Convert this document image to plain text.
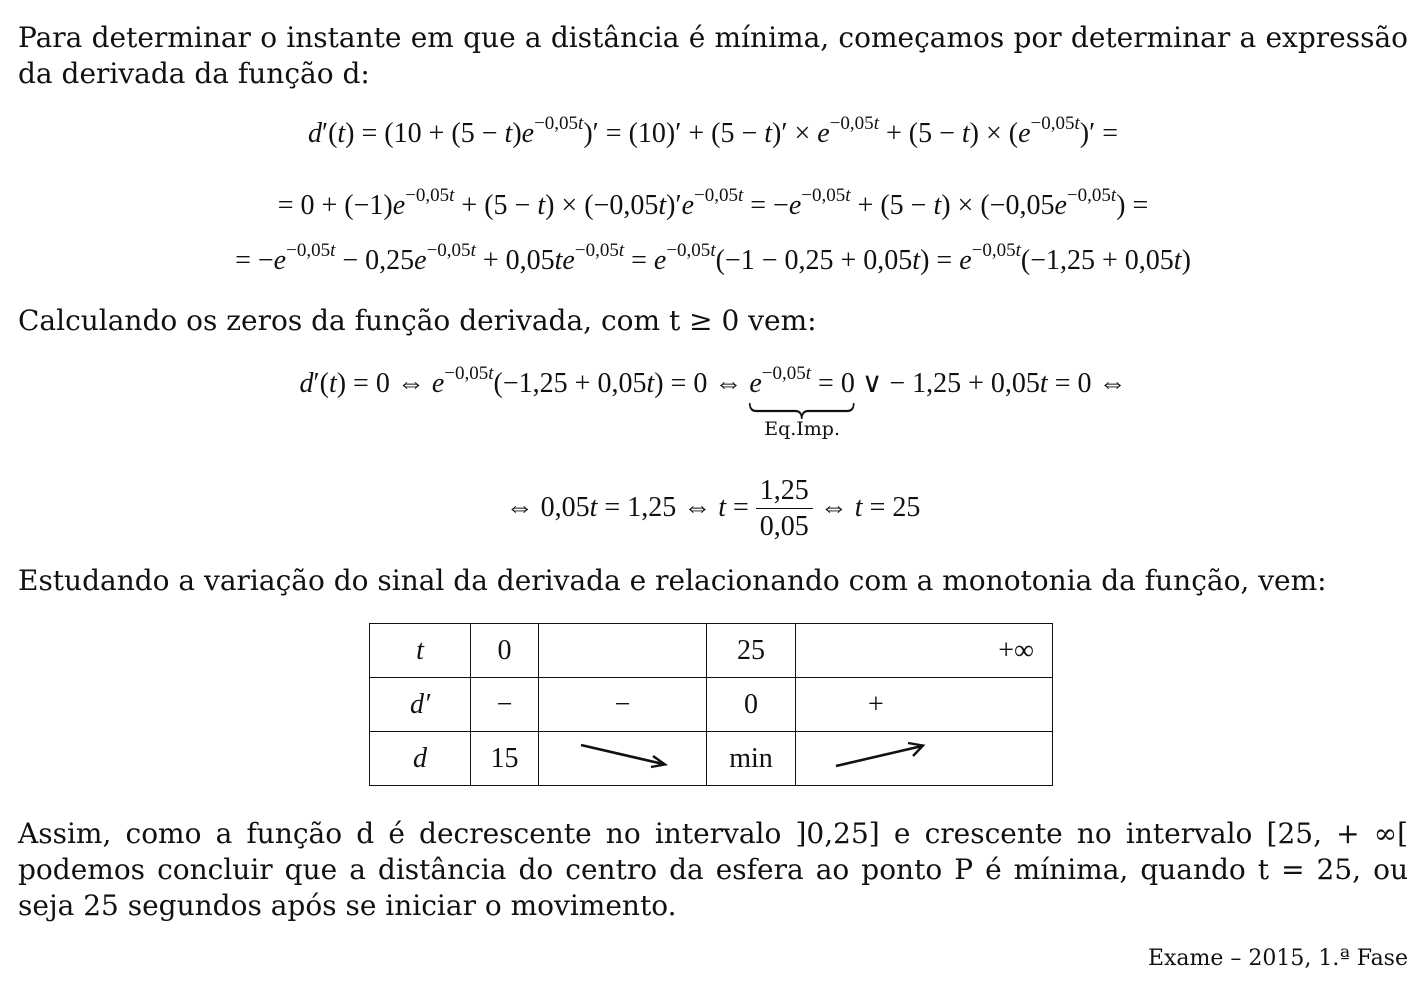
Para determinar o instante em que a distância é mínima, começamos por determinar a expressão da derivada da função d:
$d'(t) = (10 + (5 - t)e^{-0,05t})' = (10)' + (5 - t)' \times e^{-0,05t} + (5 - t) \times (e^{-0,05t})'$ =
= $0 + (-1)e^{-0,05t} + (5 - t) \times (-0,05t)'e^{-0,05t} = -e^{-0,05t} + (5 - t) \times (-0,05e^{-0,05t})$ =
= $-e^{-0,05t} - 0,25e^{-0,05t} + 0,05te^{-0,05t} = e^{-0,05t}(-1 - 0,25 + 0,05t) = e^{-0,05t}(-1,25 + 0,05t)$
Calculando os zeros da função derivada, com t ≥ 0 vem:
d′(t) = 0 ⇔ $e^{-0,05t}(-1,25 + 0,05t) = 0$ ⇔ $e^{-0,05t} = 0$
Eq.Imp.
∨ − 1,25 + 0,05t = 0 ⇔
⇔ 0,05t = 1,25 ⇔ $t = \frac{1,25}{0,05}$ ⇔ t = 25
Estudando a variação do sinal da derivada e relacionando com a monotonia da função, vem:
t	0		25	+∞
d′	−	−	0	+
d	15		min	
Assim, como a função d é decrescente no intervalo ]0,25] e crescente no intervalo [25, + ∞[ podemos concluir que a distância do centro da esfera ao ponto P é mínima, quando t = 25, ou seja 25 segundos após se iniciar o movimento.
Exame – 2015, 1.ª Fase
